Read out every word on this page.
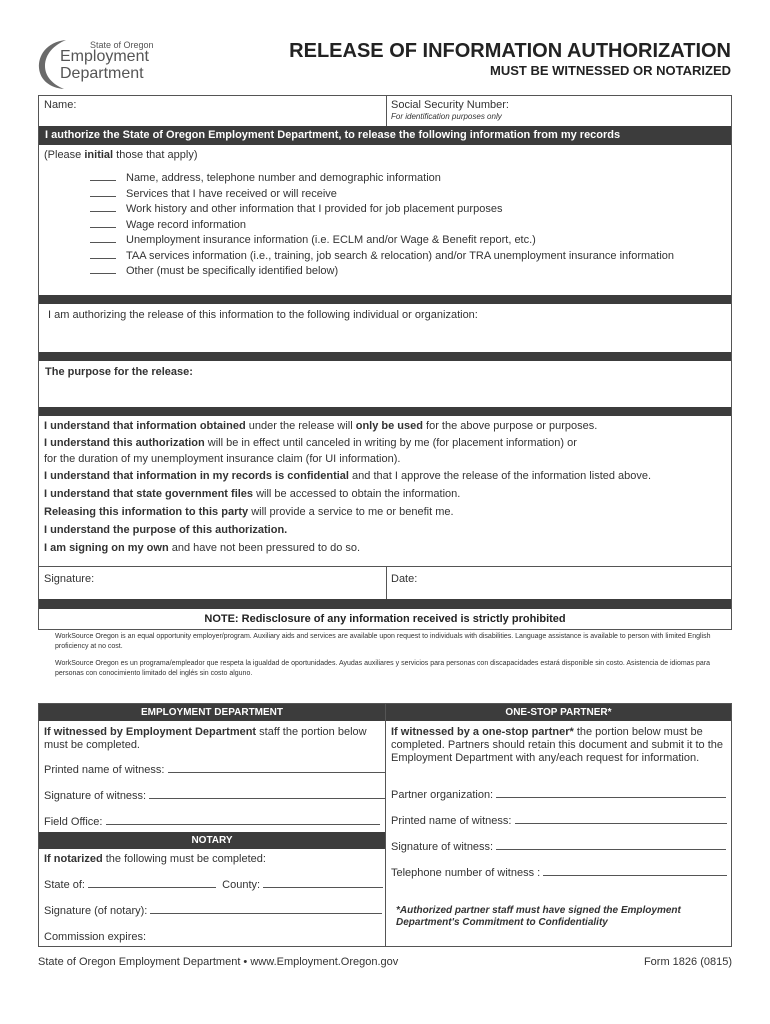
State of Oregon
Employment
Department
RELEASE OF INFORMATION AUTHORIZATION
MUST BE WITNESSED OR NOTARIZED
Name:	Social Security Number:
For identification purposes only
I authorize the State of Oregon Employment Department, to release the following information from my records
(Please initial those that apply)
Name, address, telephone number and demographic information
Services that I have received or will receive
Work history and other information that I provided for job placement purposes
Wage record information
Unemployment insurance information (i.e. ECLM and/or Wage & Benefit report, etc.)
TAA services information (i.e., training, job search & relocation) and/or TRA unemployment insurance information
Other (must be specifically identified below)
I am authorizing the release of this information to the following individual or organization:
The purpose for the release:

I understand that information obtained under the release will only be used for the above purpose or purposes.

I understand this authorization will be in effect until canceled in writing by me (for placement information) or

for the duration of my unemployment insurance claim (for UI information).

I understand that information in my records is confidential and that I approve the release of the information listed above.

I understand that state government files will be accessed to obtain the information.

Releasing this information to this party will provide a service to me or benefit me.

I understand the purpose of this authorization.

I am signing on my own and have not been pressured to do so.

Signature:	Date:
NOTE: Redisclosure of any information received is strictly prohibited
WorkSource Oregon is an equal opportunity employer/program. Auxiliary aids and services are available upon request to individuals with disabilities. Language assistance is available to person with limited English proficiency at no cost.
WorkSource Oregon es un programa/empleador que respeta la igualdad de oportunidades. Ayudas auxiliares y servicios para personas con discapacidades estará disponible sin costo. Asistencia de idiomas para personas con conocimiento limitado del inglés sin costo alguno.
EMPLOYMENT DEPARTMENT
If witnessed by Employment Department staff the portion below must be completed.
Printed name of witness:
Signature of witness:
Field Office:
NOTARY
If notarized the following must be completed:
State of:	County:
Signature (of notary):
Commission expires:
ONE-STOP PARTNER*
If witnessed by a one-stop partner* the portion below must be completed. Partners should retain this document and submit it to the Employment Department with any/each request for information.
Partner organization:
Printed name of witness:
Signature of witness:
Telephone number of witness :
*Authorized partner staff must have signed the Employment Department's Commitment to Confidentiality
State of Oregon Employment Department • www.Employment.Oregon.gov	Form 1826 (0815)
